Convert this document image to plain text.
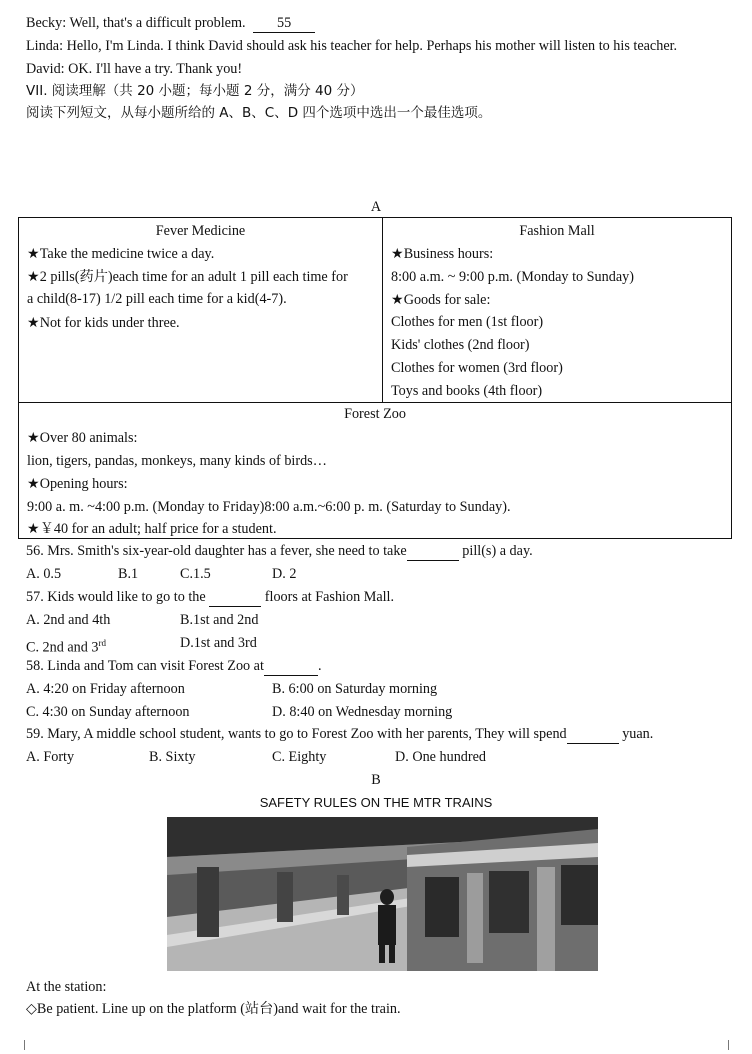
Becky: Well, that's a difficult problem. 55
Linda: Hello, I'm Linda. I think David should ask his teacher for help. Perhaps his mother will listen to his teacher.
David: OK. I'll have a try. Thank you!
VII. 阅读理解（共 20 小题；每小题 2 分，满分 40 分）
阅读下列短文，从每小题所给的 A、B、C、D 四个选项中选出一个最佳选项。
A
Fever Medicine
★Take the medicine twice a day.
★2 pills(药片)each time for an adult 1 pill each time for
a child(8-17) 1/2 pill each time for a kid(4-7).
★Not for kids under three.
Fashion Mall
★Business hours:
8:00 a.m. ~ 9:00 p.m. (Monday to Sunday)
★Goods for sale:
Clothes for men (1st floor)
Kids' clothes (2nd floor)
Clothes for women (3rd floor)
Toys and books (4th floor)
Forest Zoo
★Over 80 animals:
lion, tigers, pandas, monkeys, many kinds of birds…
★Opening hours:
9:00 a. m. ~4:00 p.m. (Monday to Friday)8:00 a.m.~6:00 p. m. (Saturday to Sunday).
★￥40 for an adult; half price for a student.
56. Mrs. Smith's six-year-old daughter has a fever, she need to take	pill(s) a day.
A. 0.5	B.1	C.1.5	D. 2
57. Kids would like to go to the	floors at Fashion Mall.
A. 2nd and 4th	B.1st and 2nd
C. 2nd and 3rd	D.1st and 3rd
58. Linda and Tom can visit Forest Zoo at	.
A. 4:20 on Friday afternoon	B. 6:00 on Saturday morning
C. 4:30 on Sunday afternoon	D. 8:40 on Wednesday morning
59. Mary, A middle school student, wants to go to Forest Zoo with her parents, They will spend	yuan.
A. Forty	B. Sixty	C. Eighty	D. One hundred
B
SAFETY RULES ON THE MTR TRAINS
At the station:
◇Be patient. Line up on the platform (站台)and wait for the train.
